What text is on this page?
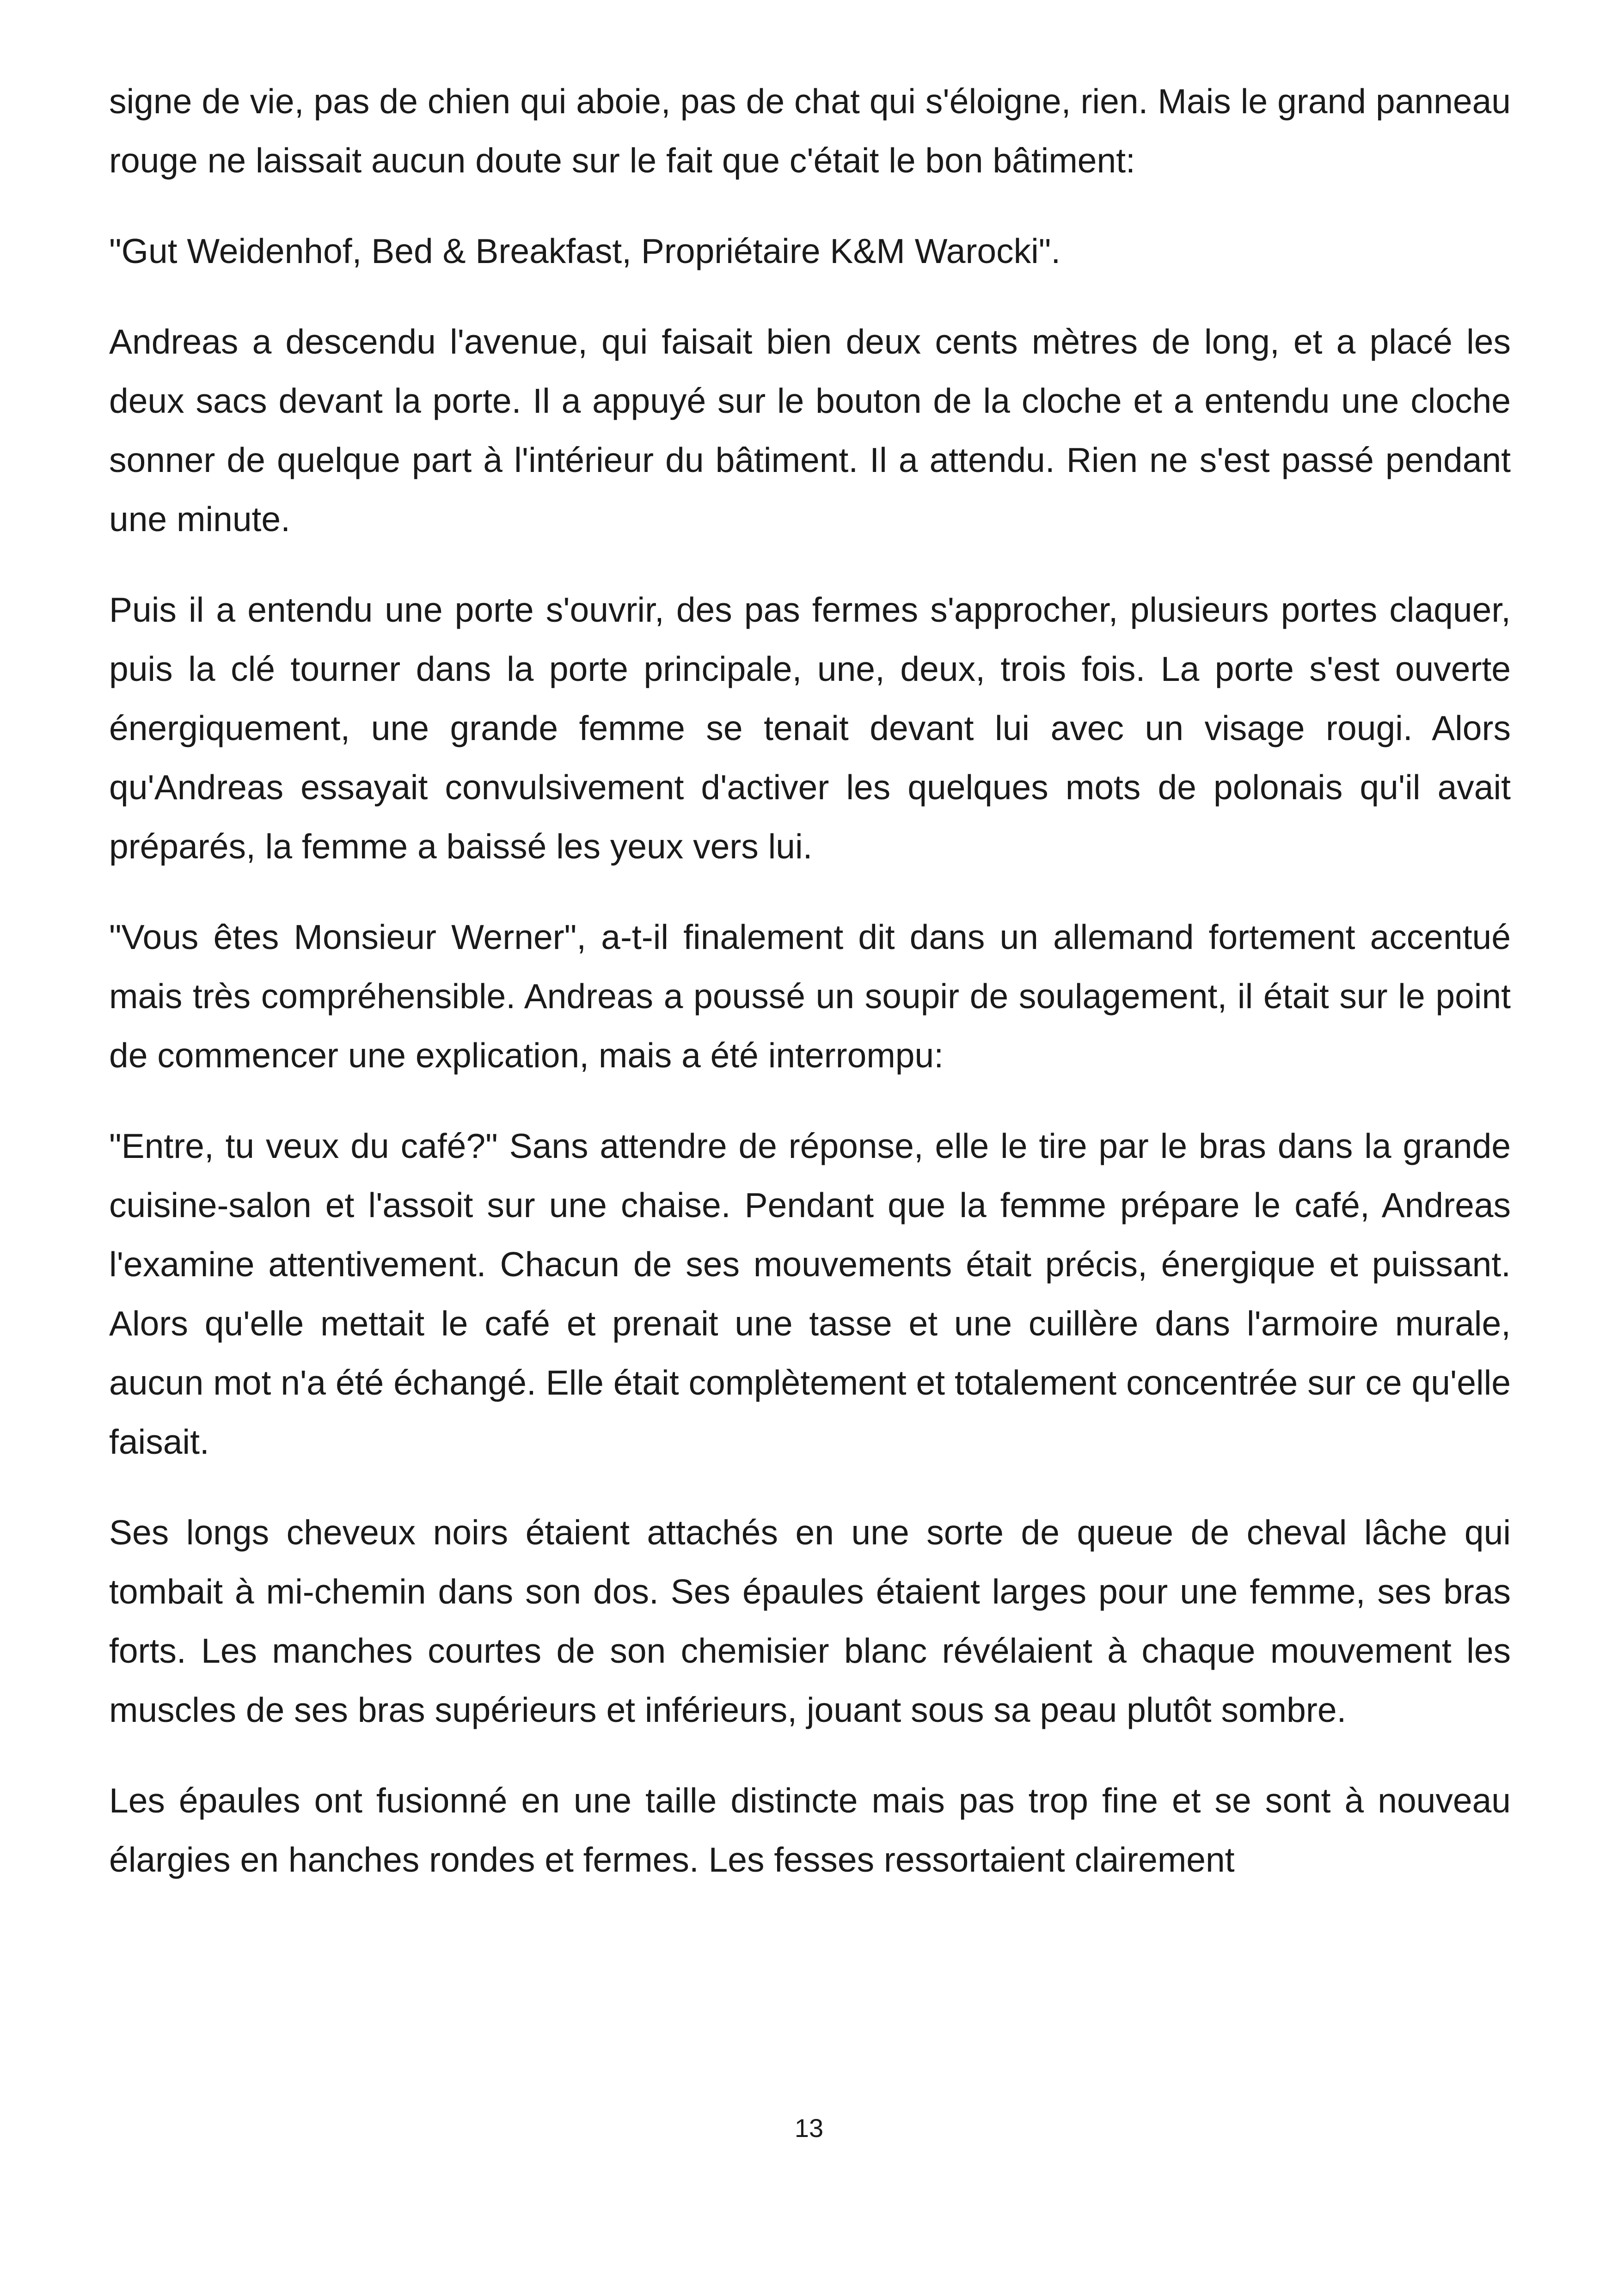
signe de vie, pas de chien qui aboie, pas de chat qui s'éloigne, rien. Mais le grand panneau rouge ne laissait aucun doute sur le fait que c'était le bon bâtiment:

"Gut Weidenhof, Bed & Breakfast, Propriétaire K&M Warocki".

Andreas a descendu l'avenue, qui faisait bien deux cents mètres de long, et a placé les deux sacs devant la porte. Il a appuyé sur le bouton de la cloche et a entendu une cloche sonner de quelque part à l'intérieur du bâtiment. Il a attendu. Rien ne s'est passé pendant une minute.

Puis il a entendu une porte s'ouvrir, des pas fermes s'approcher, plusieurs portes claquer, puis la clé tourner dans la porte principale, une, deux, trois fois. La porte s'est ouverte énergiquement, une grande femme se tenait devant lui avec un visage rougi. Alors qu'Andreas essayait convulsivement d'activer les quelques mots de polonais qu'il avait préparés, la femme a baissé les yeux vers lui.

"Vous êtes Monsieur Werner", a-t-il finalement dit dans un allemand fortement accentué mais très compréhensible. Andreas a poussé un soupir de soulagement, il était sur le point de commencer une explication, mais a été interrompu:

"Entre, tu veux du café?" Sans attendre de réponse, elle le tire par le bras dans la grande cuisine-salon et l'assoit sur une chaise. Pendant que la femme prépare le café, Andreas l'examine attentivement. Chacun de ses mouvements était précis, énergique et puissant. Alors qu'elle mettait le café et prenait une tasse et une cuillère dans l'armoire murale, aucun mot n'a été échangé. Elle était complètement et totalement concentrée sur ce qu'elle faisait.

Ses longs cheveux noirs étaient attachés en une sorte de queue de cheval lâche qui tombait à mi-chemin dans son dos. Ses épaules étaient larges pour une femme, ses bras forts. Les manches courtes de son chemisier blanc révélaient à chaque mouvement les muscles de ses bras supérieurs et inférieurs, jouant sous sa peau plutôt sombre.

Les épaules ont fusionné en une taille distincte mais pas trop fine et se sont à nouveau élargies en hanches rondes et fermes. Les fesses ressortaient clairement

13
